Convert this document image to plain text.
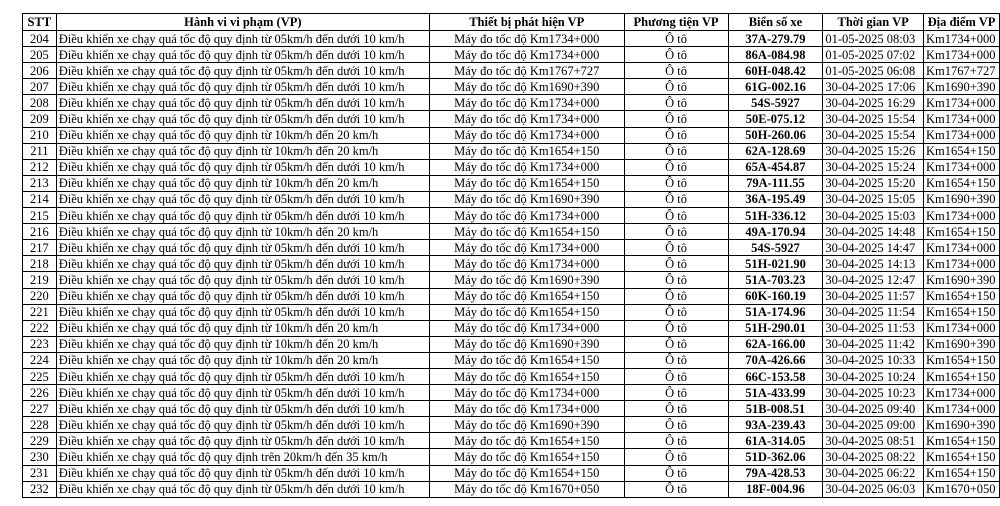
STT	Hành vi vi phạm (VP)	Thiết bị phát hiện VP	Phương tiện VP	Biển số xe	Thời gian VP	Địa điểm VP
204	Điều khiển xe chạy quá tốc độ quy định từ 05km/h đến dưới 10 km/h	Máy đo tốc độ Km1734+000	Ô tô	37A-279.79	01-05-2025 08:03	Km1734+000
205	Điều khiển xe chạy quá tốc độ quy định từ 05km/h đến dưới 10 km/h	Máy đo tốc độ Km1734+000	Ô tô	86A-084.98	01-05-2025 07:02	Km1734+000
206	Điều khiển xe chạy quá tốc độ quy định từ 05km/h đến dưới 10 km/h	Máy đo tốc độ Km1767+727	Ô tô	60H-048.42	01-05-2025 06:08	Km1767+727
207	Điều khiển xe chạy quá tốc độ quy định từ 05km/h đến dưới 10 km/h	Máy đo tốc độ Km1690+390	Ô tô	61G-002.16	30-04-2025 17:06	Km1690+390
208	Điều khiển xe chạy quá tốc độ quy định từ 05km/h đến dưới 10 km/h	Máy đo tốc độ Km1734+000	Ô tô	54S-5927	30-04-2025 16:29	Km1734+000
209	Điều khiển xe chạy quá tốc độ quy định từ 05km/h đến dưới 10 km/h	Máy đo tốc độ Km1734+000	Ô tô	50E-075.12	30-04-2025 15:54	Km1734+000
210	Điều khiển xe chạy quá tốc độ quy định từ 10km/h đến 20 km/h	Máy đo tốc độ Km1734+000	Ô tô	50H-260.06	30-04-2025 15:54	Km1734+000
211	Điều khiển xe chạy quá tốc độ quy định từ 10km/h đến 20 km/h	Máy đo tốc độ Km1654+150	Ô tô	62A-128.69	30-04-2025 15:26	Km1654+150
212	Điều khiển xe chạy quá tốc độ quy định từ 05km/h đến dưới 10 km/h	Máy đo tốc độ Km1734+000	Ô tô	65A-454.87	30-04-2025 15:24	Km1734+000
213	Điều khiển xe chạy quá tốc độ quy định từ 10km/h đến 20 km/h	Máy đo tốc độ Km1654+150	Ô tô	79A-111.55	30-04-2025 15:20	Km1654+150
214	Điều khiển xe chạy quá tốc độ quy định từ 05km/h đến dưới 10 km/h	Máy đo tốc độ Km1690+390	Ô tô	36A-195.49	30-04-2025 15:05	Km1690+390
215	Điều khiển xe chạy quá tốc độ quy định từ 05km/h đến dưới 10 km/h	Máy đo tốc độ Km1734+000	Ô tô	51H-336.12	30-04-2025 15:03	Km1734+000
216	Điều khiển xe chạy quá tốc độ quy định từ 10km/h đến 20 km/h	Máy đo tốc độ Km1654+150	Ô tô	49A-170.94	30-04-2025 14:48	Km1654+150
217	Điều khiển xe chạy quá tốc độ quy định từ 05km/h đến dưới 10 km/h	Máy đo tốc độ Km1734+000	Ô tô	54S-5927	30-04-2025 14:47	Km1734+000
218	Điều khiển xe chạy quá tốc độ quy định từ 05km/h đến dưới 10 km/h	Máy đo tốc độ Km1734+000	Ô tô	51H-021.90	30-04-2025 14:13	Km1734+000
219	Điều khiển xe chạy quá tốc độ quy định từ 05km/h đến dưới 10 km/h	Máy đo tốc độ Km1690+390	Ô tô	51A-703.23	30-04-2025 12:47	Km1690+390
220	Điều khiển xe chạy quá tốc độ quy định từ 05km/h đến dưới 10 km/h	Máy đo tốc độ Km1654+150	Ô tô	60K-160.19	30-04-2025 11:57	Km1654+150
221	Điều khiển xe chạy quá tốc độ quy định từ 05km/h đến dưới 10 km/h	Máy đo tốc độ Km1654+150	Ô tô	51A-174.96	30-04-2025 11:54	Km1654+150
222	Điều khiển xe chạy quá tốc độ quy định từ 10km/h đến 20 km/h	Máy đo tốc độ Km1734+000	Ô tô	51H-290.01	30-04-2025 11:53	Km1734+000
223	Điều khiển xe chạy quá tốc độ quy định từ 10km/h đến 20 km/h	Máy đo tốc độ Km1690+390	Ô tô	62A-166.00	30-04-2025 11:42	Km1690+390
224	Điều khiển xe chạy quá tốc độ quy định từ 10km/h đến 20 km/h	Máy đo tốc độ Km1654+150	Ô tô	70A-426.66	30-04-2025 10:33	Km1654+150
225	Điều khiển xe chạy quá tốc độ quy định từ 05km/h đến dưới 10 km/h	Máy đo tốc độ Km1654+150	Ô tô	66C-153.58	30-04-2025 10:24	Km1654+150
226	Điều khiển xe chạy quá tốc độ quy định từ 05km/h đến dưới 10 km/h	Máy đo tốc độ Km1734+000	Ô tô	51A-433.99	30-04-2025 10:23	Km1734+000
227	Điều khiển xe chạy quá tốc độ quy định từ 05km/h đến dưới 10 km/h	Máy đo tốc độ Km1734+000	Ô tô	51B-008.51	30-04-2025 09:40	Km1734+000
228	Điều khiển xe chạy quá tốc độ quy định từ 05km/h đến dưới 10 km/h	Máy đo tốc độ Km1690+390	Ô tô	93A-239.43	30-04-2025 09:00	Km1690+390
229	Điều khiển xe chạy quá tốc độ quy định từ 05km/h đến dưới 10 km/h	Máy đo tốc độ Km1654+150	Ô tô	61A-314.05	30-04-2025 08:51	Km1654+150
230	Điều khiển xe chạy quá tốc độ quy định trên 20km/h đến 35 km/h	Máy đo tốc độ Km1654+150	Ô tô	51D-362.06	30-04-2025 08:22	Km1654+150
231	Điều khiển xe chạy quá tốc độ quy định từ 05km/h đến dưới 10 km/h	Máy đo tốc độ Km1654+150	Ô tô	79A-428.53	30-04-2025 06:22	Km1654+150
232	Điều khiển xe chạy quá tốc độ quy định từ 05km/h đến dưới 10 km/h	Máy đo tốc độ Km1670+050	Ô tô	18F-004.96	30-04-2025 06:03	Km1670+050
